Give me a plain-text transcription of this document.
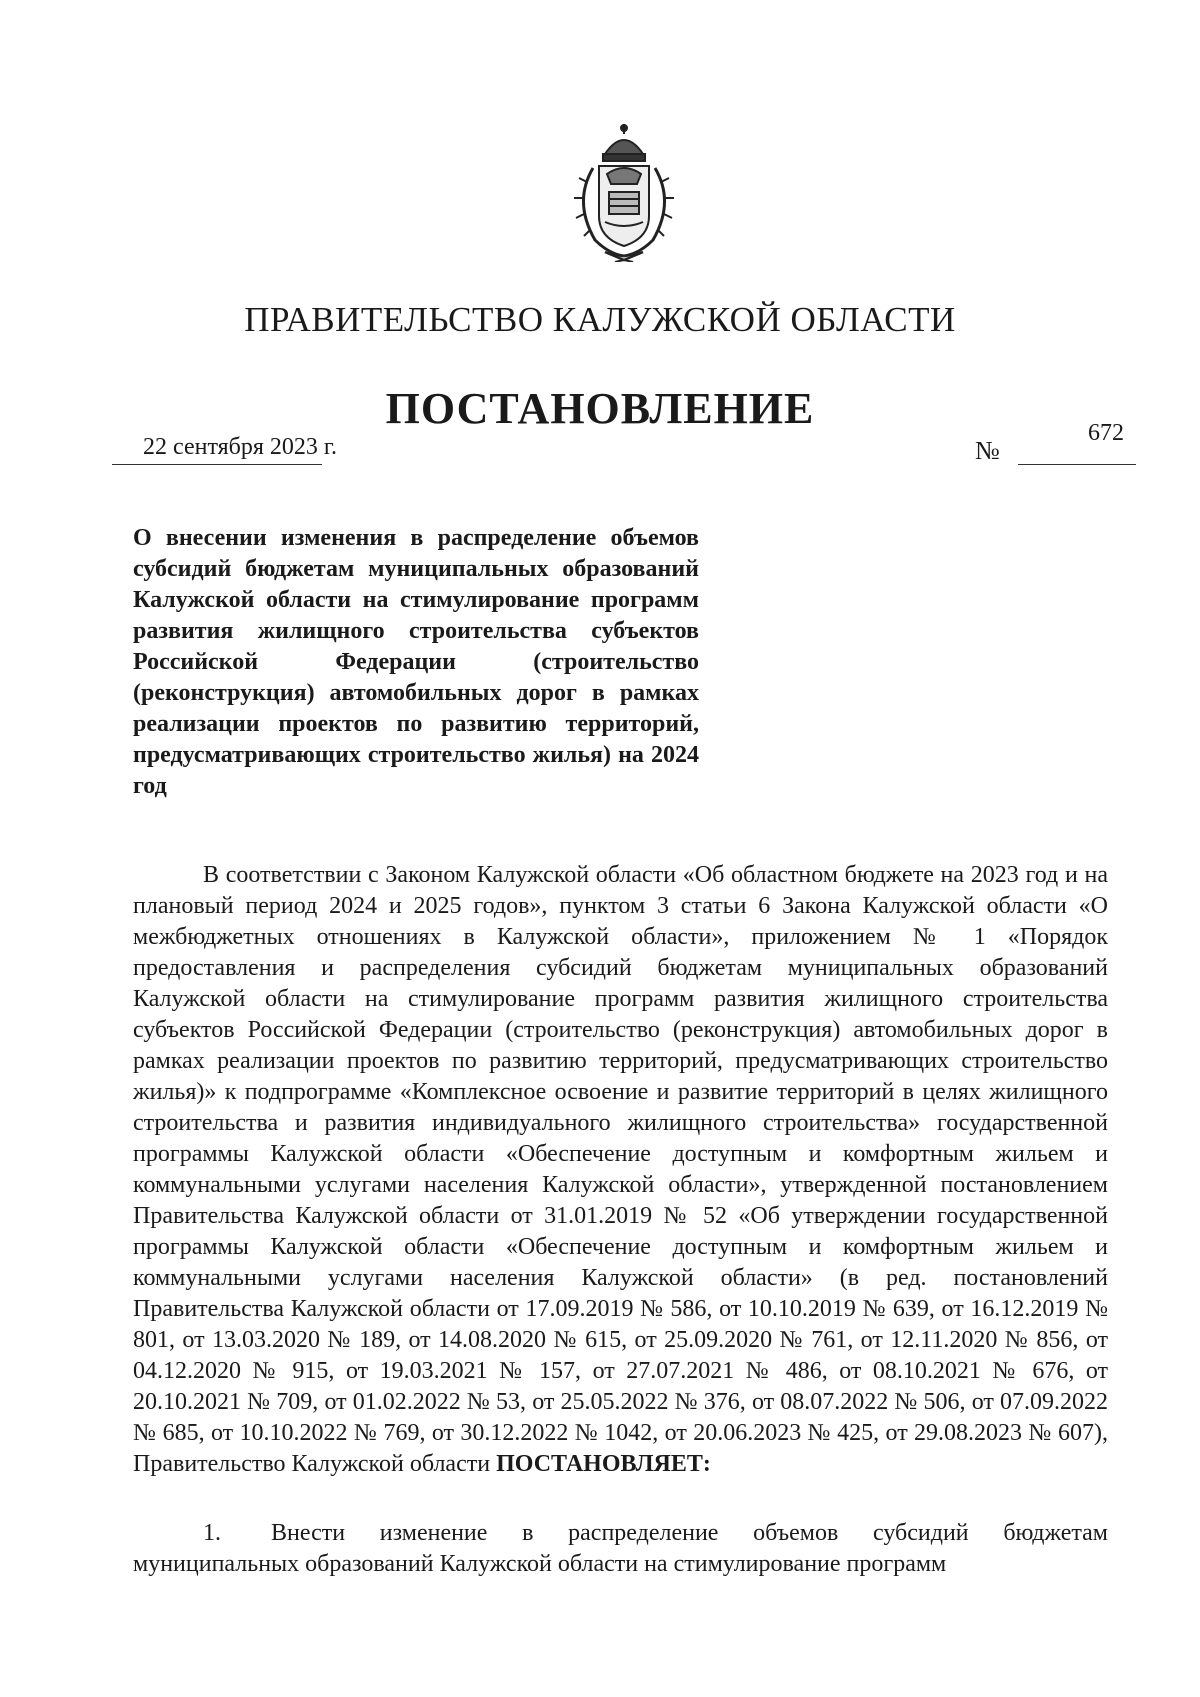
ПРАВИТЕЛЬСТВО КАЛУЖСКОЙ ОБЛАСТИ
ПОСТАНОВЛЕНИЕ
22 сентября 2023 г.	№
672

О внесении изменения в распределение объемов субсидий бюджетам муниципальных образований Калужской области на стимулирование программ развития жилищного строительства субъектов Российской Федерации (строительство (реконструкция) автомобильных дорог в рамках реализации проектов по развитию территорий, предусматривающих строительство жилья) на 2024 год

В соответствии с Законом Калужской области «Об областном бюджете на 2023 год и на плановый период 2024 и 2025 годов», пунктом 3 статьи 6 Закона Калужской области «О межбюджетных отношениях в Калужской области», приложением № 1 «Порядок предоставления и распределения субсидий бюджетам муниципальных образований Калужской области на стимулирование программ развития жилищного строительства субъектов Российской Федерации (строительство (реконструкция) автомобильных дорог в рамках реализации проектов по развитию территорий, предусматривающих строительство жилья)» к подпрограмме «Комплексное освоение и развитие территорий в целях жилищного строительства и развития индивидуального жилищного строительства» государственной программы Калужской области «Обеспечение доступным и комфортным жильем и коммунальными услугами населения Калужской области», утвержденной постановлением Правительства Калужской области от 31.01.2019 № 52 «Об утверждении государственной программы Калужской области «Обеспечение доступным и комфортным жильем и коммунальными услугами населения Калужской области» (в ред. постановлений Правительства Калужской области от 17.09.2019 № 586, от 10.10.2019 № 639, от 16.12.2019 № 801, от 13.03.2020 № 189, от 14.08.2020 № 615, от 25.09.2020 № 761, от 12.11.2020 № 856, от 04.12.2020 № 915, от 19.03.2021 № 157, от 27.07.2021 № 486, от 08.10.2021 № 676, от 20.10.2021 № 709, от 01.02.2022 № 53, от 25.05.2022 № 376, от 08.07.2022 № 506, от 07.09.2022 № 685, от 10.10.2022 № 769, от 30.12.2022 № 1042, от 20.06.2023 № 425, от 29.08.2023 № 607), Правительство Калужской области ПОСТАНОВЛЯЕТ:

1. Внести изменение в распределение объемов субсидий бюджетам муниципальных образований Калужской области на стимулирование программ
